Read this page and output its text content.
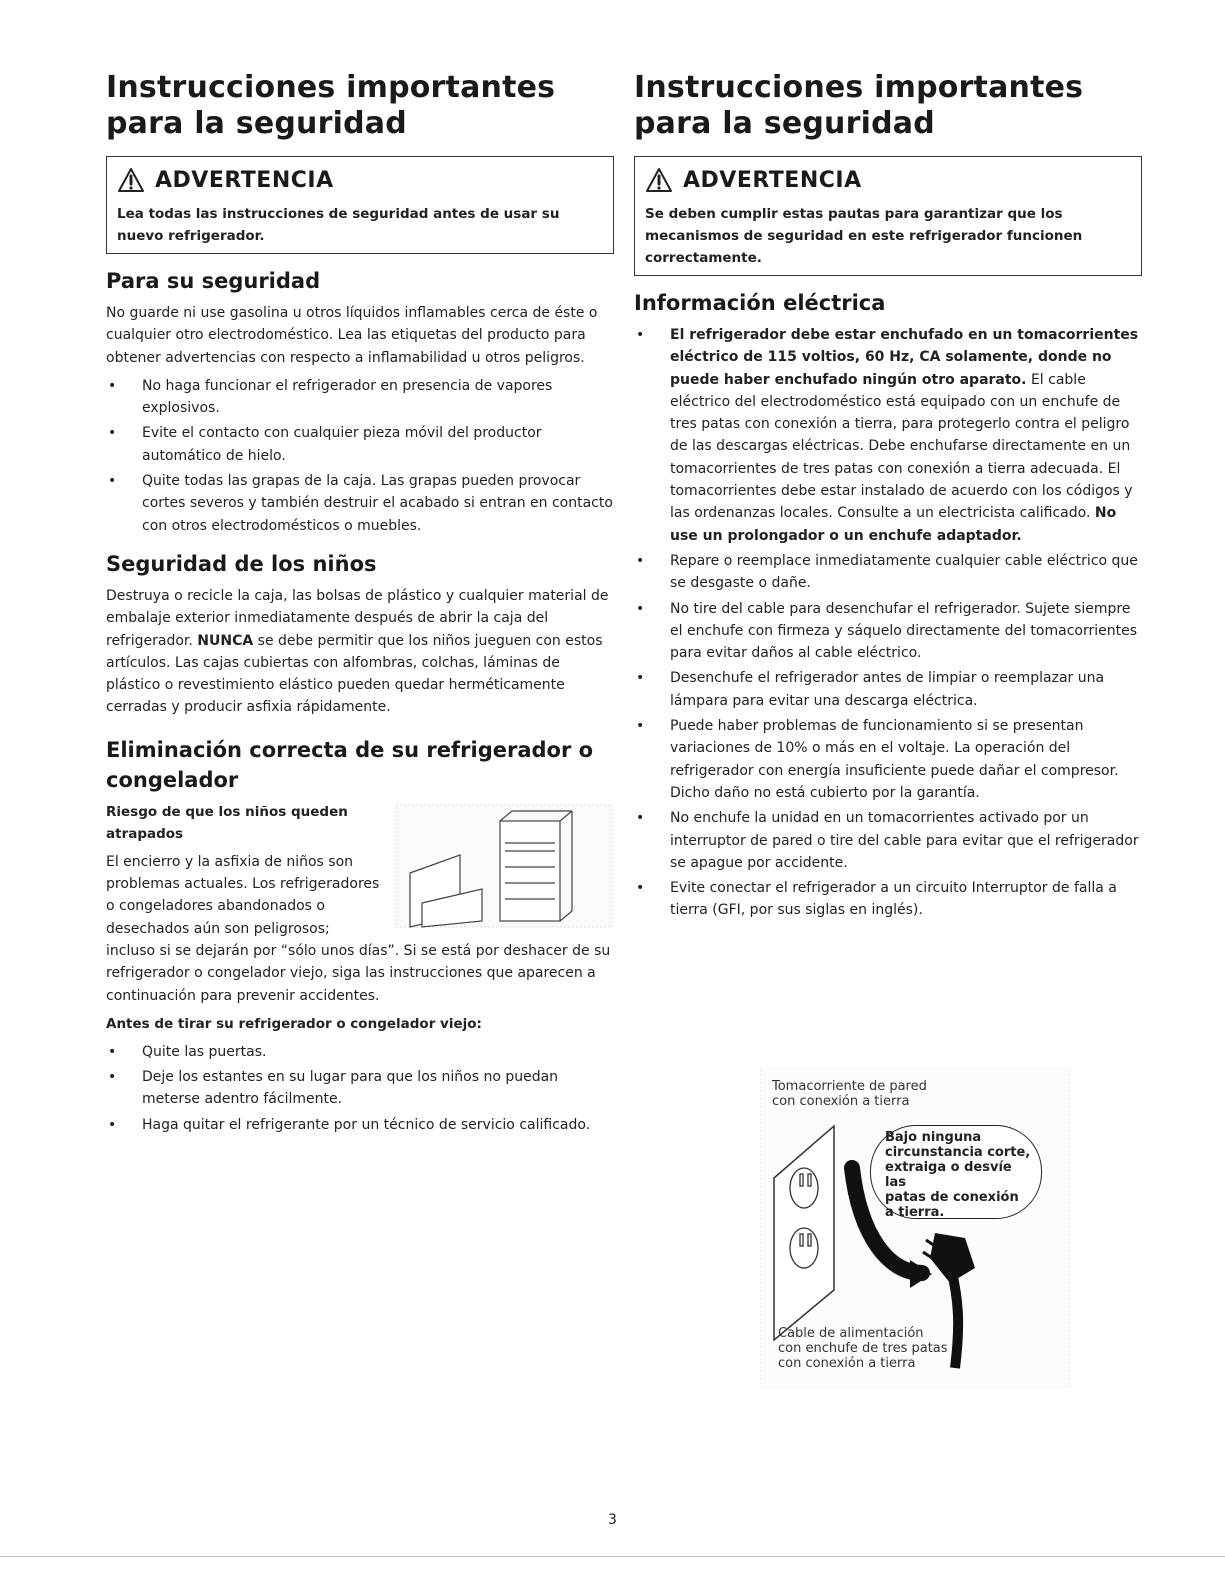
Instrucciones importantes para la seguridad
ADVERTENCIA
Lea todas las instrucciones de seguridad antes de usar su nuevo refrigerador.
Para su seguridad

No guarde ni use gasolina u otros líquidos inflamables cerca de éste o cualquier otro electrodoméstico. Lea las etiquetas del producto para obtener advertencias con respecto a inflamabilidad u otros peligros.

• No haga funcionar el refrigerador en presencia de vapores explosivos.
• Evite el contacto con cualquier pieza móvil del productor automático de hielo.
• Quite todas las grapas de la caja. Las grapas pueden provocar cortes severos y también destruir el acabado si entran en contacto con otros electrodomésticos o muebles.
Seguridad de los niños

Destruya o recicle la caja, las bolsas de plástico y cualquier material de embalaje exterior inmediatamente después de abrir la caja del refrigerador. NUNCA se debe permitir que los niños jueguen con estos artículos. Las cajas cubiertas con alfombras, colchas, láminas de plástico o revestimiento elástico pueden quedar herméticamente cerradas y producir asfixia rápidamente.

Eliminación correcta de su refrigerador o congelador
Riesgo de que los niños queden atrapados

El encierro y la asfixia de niños son problemas actuales. Los refrigeradores o congeladores abandonados o desechados aún son peligrosos; incluso si se dejarán por “sólo unos días”. Si se está por deshacer de su refrigerador o congelador viejo, siga las instrucciones que aparecen a continuación para prevenir accidentes.

Antes de tirar su refrigerador o congelador viejo:
• Quite las puertas.
• Deje los estantes en su lugar para que los niños no puedan meterse adentro fácilmente.
• Haga quitar el refrigerante por un técnico de servicio calificado.
Instrucciones importantes para la seguridad
ADVERTENCIA
Se deben cumplir estas pautas para garantizar que los mecanismos de seguridad en este refrigerador funcionen correctamente.
Información eléctrica
• El refrigerador debe estar enchufado en un tomacorrientes eléctrico de 115 voltios, 60 Hz, CA solamente, donde no puede haber enchufado ningún otro aparato. El cable eléctrico del electrodoméstico está equipado con un enchufe de tres patas con conexión a tierra, para protegerlo contra el peligro de las descargas eléctricas. Debe enchufarse directamente en un tomacorrientes de tres patas con conexión a tierra adecuada. El tomacorrientes debe estar instalado de acuerdo con los códigos y las ordenanzas locales. Consulte a un electricista calificado. No use un prolongador o un enchufe adaptador.
• Repare o reemplace inmediatamente cualquier cable eléctrico que se desgaste o dañe.
• No tire del cable para desenchufar el refrigerador. Sujete siempre el enchufe con firmeza y sáquelo directamente del tomacorrientes para evitar daños al cable eléctrico.
• Desenchufe el refrigerador antes de limpiar o reemplazar una lámpara para evitar una descarga eléctrica.
• Puede haber problemas de funcionamiento si se presentan variaciones de 10% o más en el voltaje. La operación del refrigerador con energía insuficiente puede dañar el compresor. Dicho daño no está cubierto por la garantía.
• No enchufe la unidad en un tomacorrientes activado por un interruptor de pared o tire del cable para evitar que el refrigerador se apague por accidente.
• Evite conectar el refrigerador a un circuito Interruptor de falla a tierra (GFI, por sus siglas en inglés).
Tomacorriente de pared
con conexión a tierra
Bajo ninguna
circunstancia corte,
extraiga o desvíe las
patas de conexión
a tierra.
Cable de alimentación
con enchufe de tres patas
con conexión a tierra
3
